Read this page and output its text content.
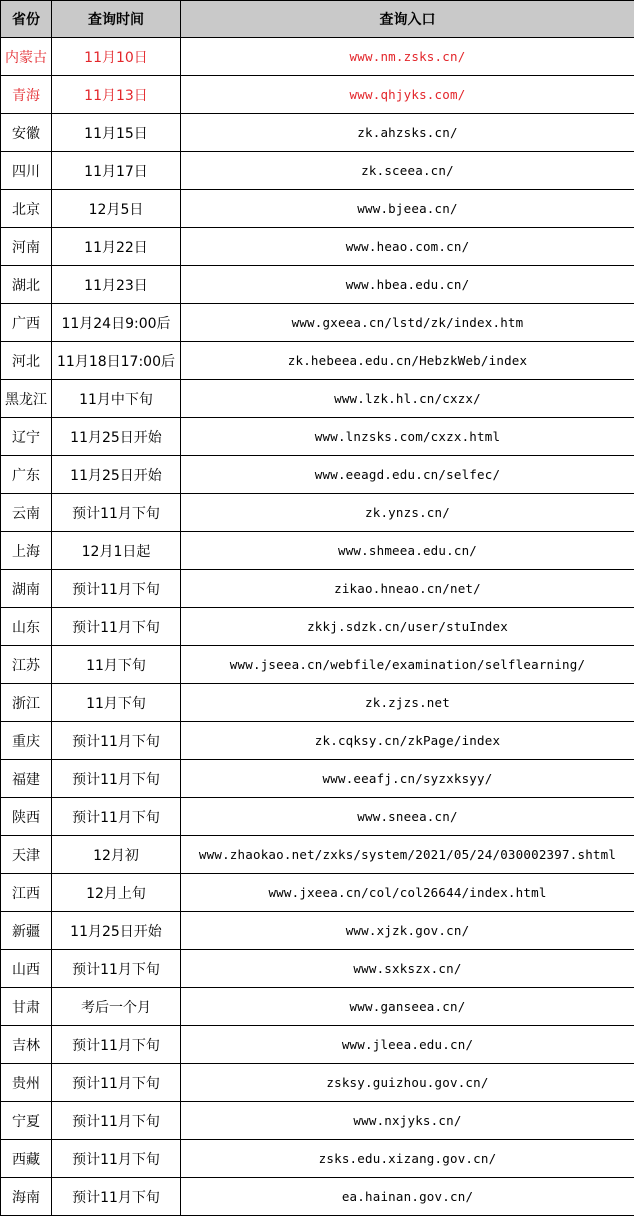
省份	查询时间	查询入口
内蒙古	11月10日	www.nm.zsks.cn/
青海	11月13日	www.qhjyks.com/
安徽	11月15日	zk.ahzsks.cn/
四川	11月17日	zk.sceea.cn/
北京	12月5日	www.bjeea.cn/
河南	11月22日	www.heao.com.cn/
湖北	11月23日	www.hbea.edu.cn/
广西	11月24日9:00后	www.gxeea.cn/lstd/zk/index.htm
河北	11月18日17:00后	zk.hebeea.edu.cn/HebzkWeb/index
黑龙江	11月中下旬	www.lzk.hl.cn/cxzx/
辽宁	11月25日开始	www.lnzsks.com/cxzx.html
广东	11月25日开始	www.eeagd.edu.cn/selfec/
云南	预计11月下旬	zk.ynzs.cn/
上海	12月1日起	www.shmeea.edu.cn/
湖南	预计11月下旬	zikao.hneao.cn/net/
山东	预计11月下旬	zkkj.sdzk.cn/user/stuIndex
江苏	11月下旬	www.jseea.cn/webfile/examination/selflearning/
浙江	11月下旬	zk.zjzs.net
重庆	预计11月下旬	zk.cqksy.cn/zkPage/index
福建	预计11月下旬	www.eeafj.cn/syzxksyy/
陕西	预计11月下旬	www.sneea.cn/
天津	12月初	www.zhaokao.net/zxks/system/2021/05/24/030002397.shtml
江西	12月上旬	www.jxeea.cn/col/col26644/index.html
新疆	11月25日开始	www.xjzk.gov.cn/
山西	预计11月下旬	www.sxkszx.cn/
甘肃	考后一个月	www.ganseea.cn/
吉林	预计11月下旬	www.jleea.edu.cn/
贵州	预计11月下旬	zsksy.guizhou.gov.cn/
宁夏	预计11月下旬	www.nxjyks.cn/
西藏	预计11月下旬	zsks.edu.xizang.gov.cn/
海南	预计11月下旬	ea.hainan.gov.cn/
